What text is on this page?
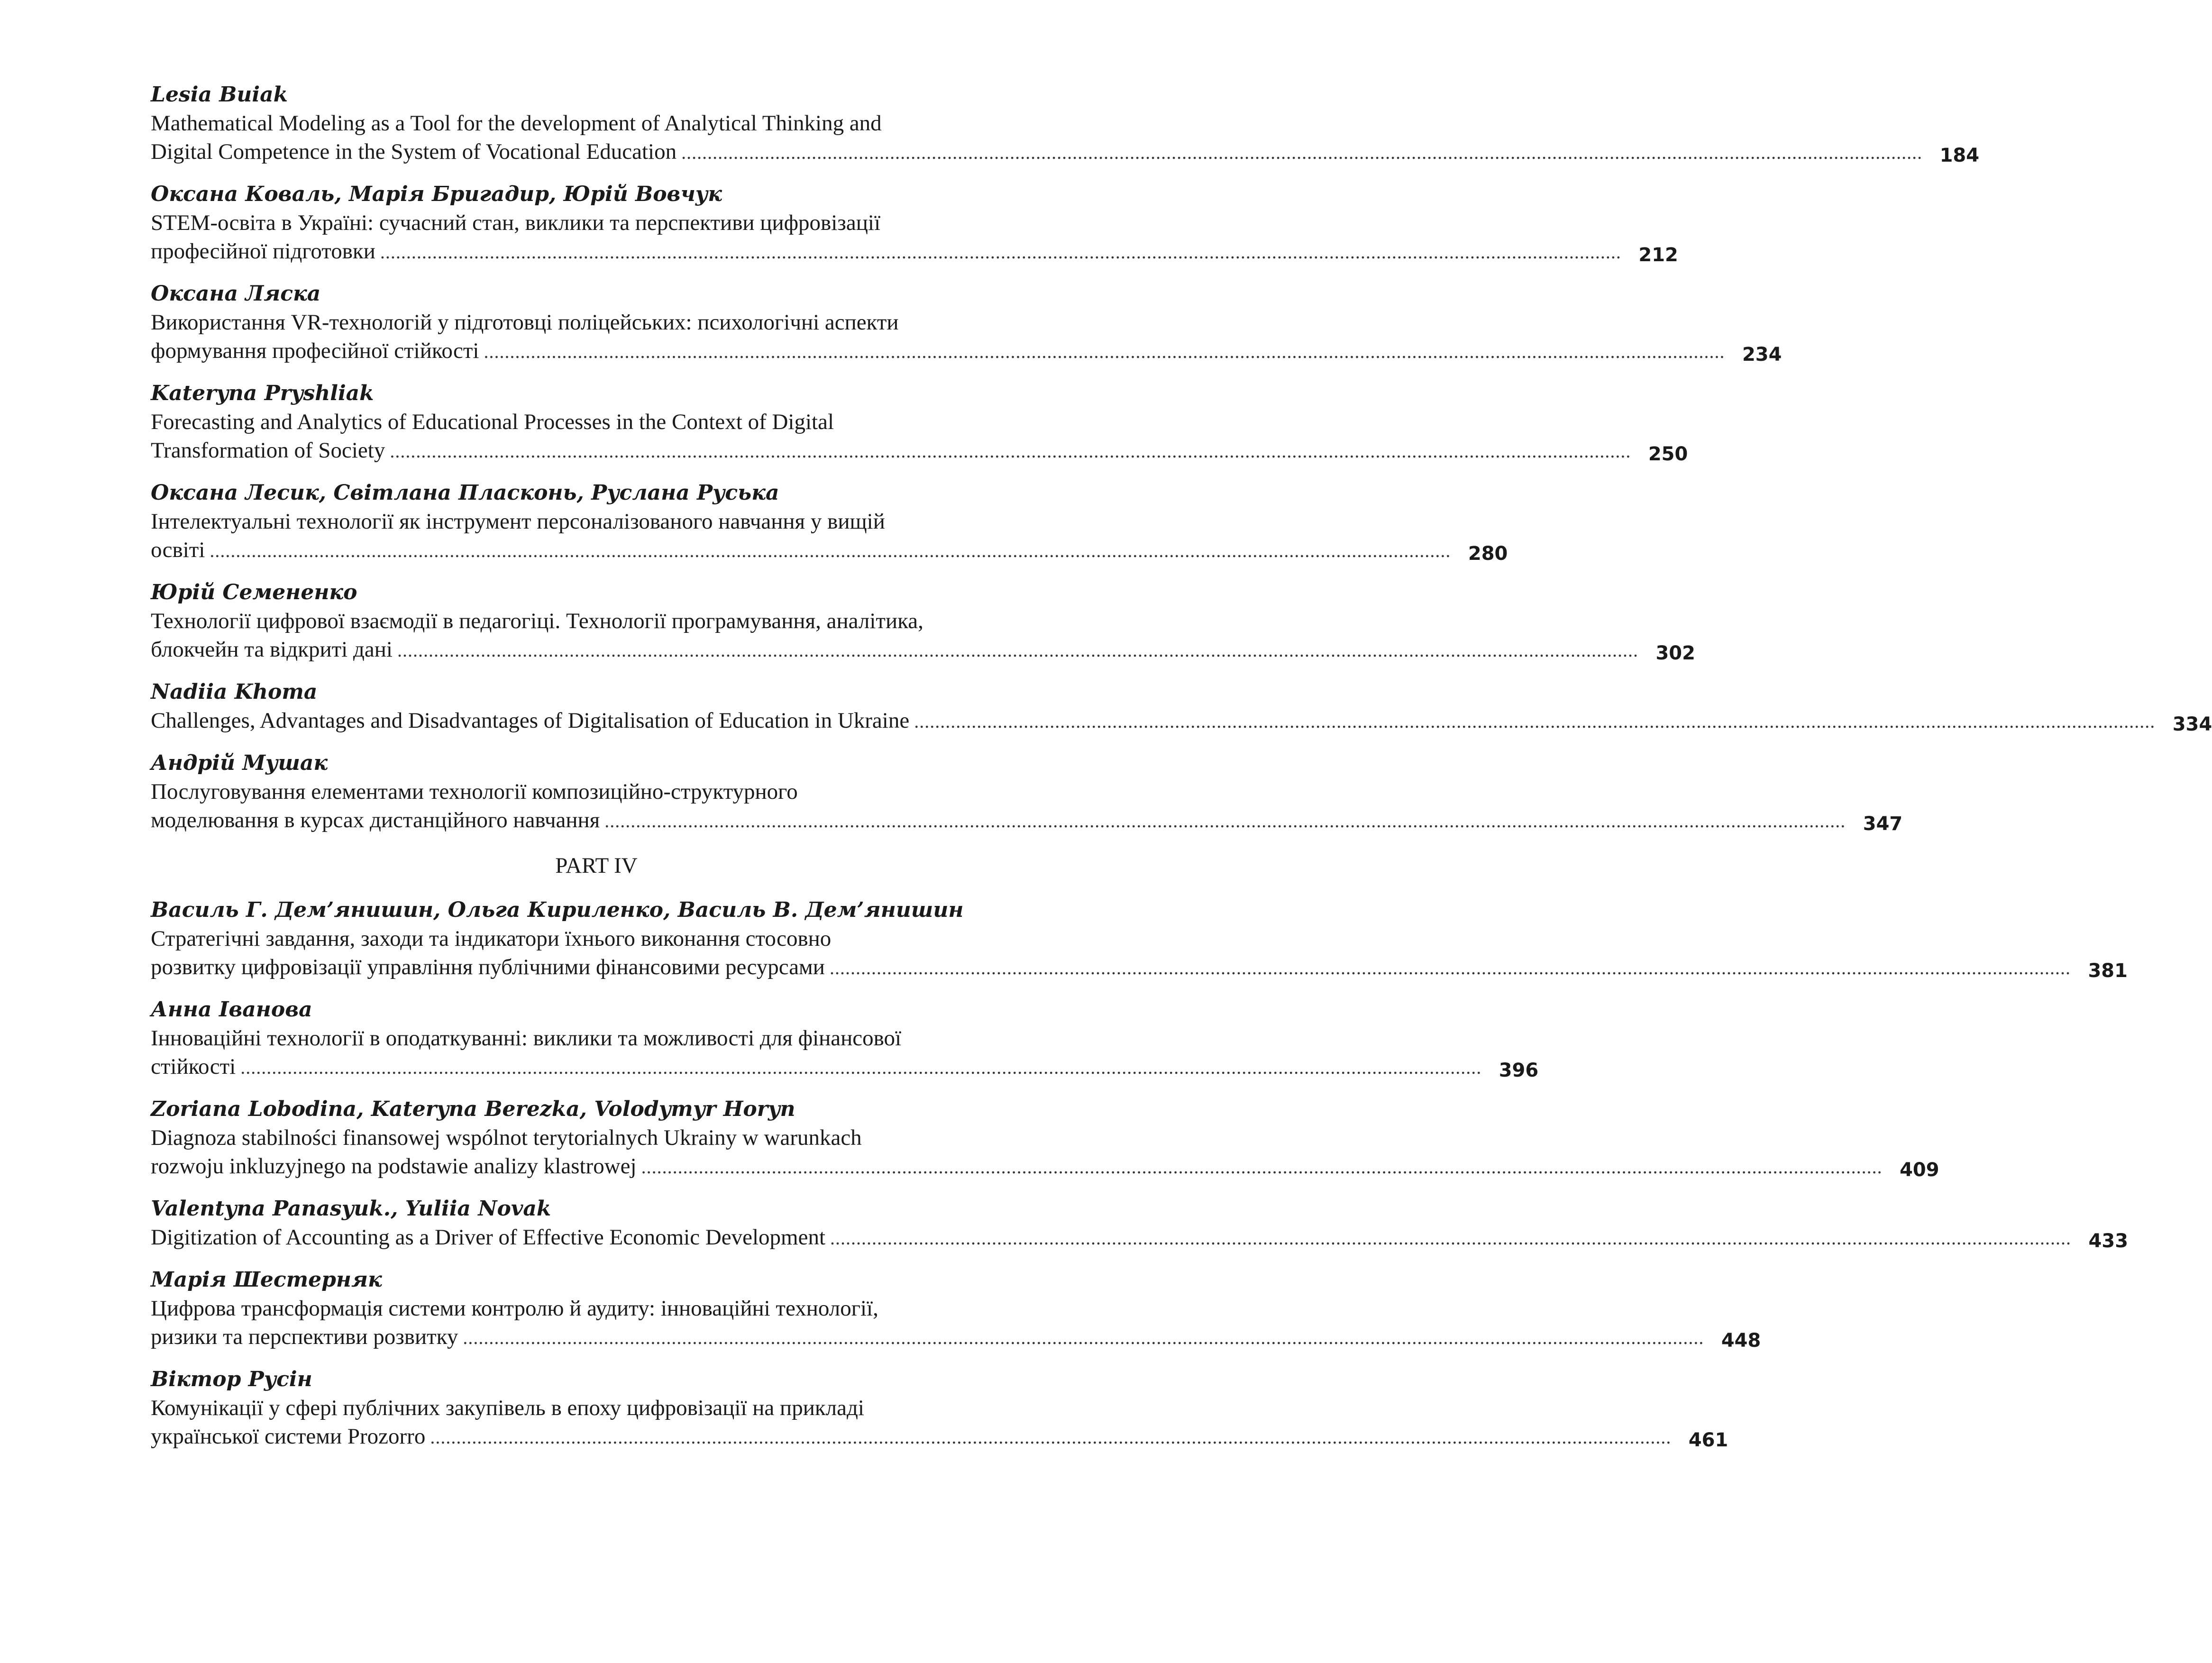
Lesia Buiak
Mathematical Modeling as a Tool for the development of Analytical Thinking and
Digital Competence in the System of Vocational Education .....	184
Оксана Коваль, Марія Бригадир, Юрій Вовчук
STEM-освіта в Україні: сучасний стан, виклики та перспективи цифровізації
професійної підготовки .....	212
Оксана Ляска
Використання VR-технологій у підготовці поліцейських: психологічні аспекти
формування професійної стійкості .....	234
Kateryna Pryshliak
Forecasting and Analytics of Educational Processes in the Context of Digital
Transformation of Society .....	250
Оксана Лесик, Світлана Пласконь, Руслана Руська
Інтелектуальні технології як інструмент персоналізованого навчання у вищій
освіті .....	280
Юрій Семененко
Технології цифрової взаємодії в педагогіці. Технології програмування, аналітика,
блокчейн та відкриті дані .....	302
Nadiia Khoma
Challenges, Advantages and Disadvantages of Digitalisation of Education in Ukraine .....	334
Андрій Мушак
Послуговування елементами технології композиційно-структурного
моделювання в курсах дистанційного навчання .....	347
PART IV
Василь Г. Дем’янишин, Ольга Кириленко, Василь В. Дем’янишин
Стратегічні завдання, заходи та індикатори їхнього виконання стосовно
розвитку цифровізації управління публічними фінансовими ресурсами .....	381
Анна Іванова
Інноваційні технології в оподаткуванні: виклики та можливості для фінансової
стійкості .....	396
Zoriana Lobodina, Kateryna Berezka, Volodymyr Horyn
Diagnoza stabilności finansowej wspólnot terytorialnych Ukrainy w warunkach
rozwoju inkluzyjnego na podstawie analizy klastrowej .....	409
Valentyna Panasyuk., Yuliia Novak
Digitization of Accounting as a Driver of Effective Economic Development .....	433
Марія Шестерняк
Цифрова трансформація системи контролю й аудиту: інноваційні технології,
ризики та перспективи розвитку .....	448
Віктор Русін
Комунікації у сфері публічних закупівель в епоху цифровізації на прикладі
української системи Prozorro .....	461
